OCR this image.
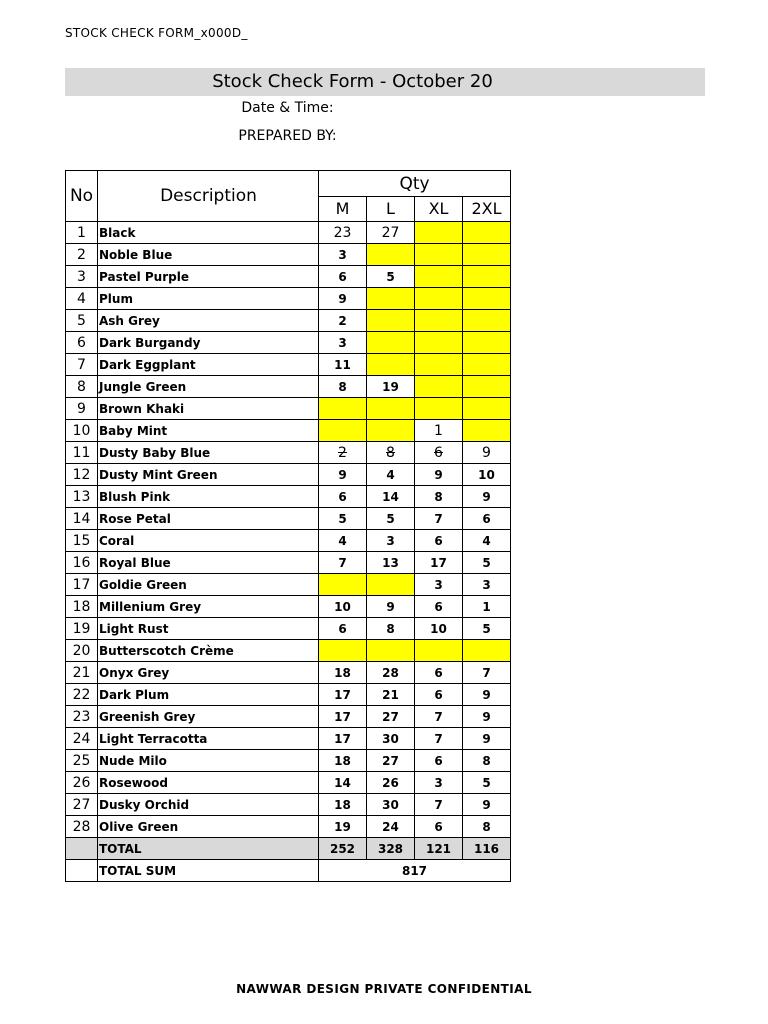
STOCK CHECK FORM_x000D_
Stock Check Form - October 20
Date & Time:
PREPARED BY:
No	Description	Qty			
		M	L	XL	2XL
1	Black	23	27		
2	Noble Blue	3			
3	Pastel Purple	6	5		
4	Plum	9			
5	Ash Grey	2			
6	Dark Burgandy	3			
7	Dark Eggplant	11			
8	Jungle Green	8	19		
9	Brown Khaki				
10	Baby Mint			1	
11	Dusty Baby Blue	2	8	6	9
12	Dusty Mint Green	9	4	9	10
13	Blush Pink	6	14	8	9
14	Rose Petal	5	5	7	6
15	Coral	4	3	6	4
16	Royal Blue	7	13	17	5
17	Goldie Green			3	3
18	Millenium Grey	10	9	6	1
19	Light Rust	6	8	10	5
20	Butterscotch Crème				
21	Onyx Grey	18	28	6	7
22	Dark Plum	17	21	6	9
23	Greenish Grey	17	27	7	9
24	Light Terracotta	17	30	7	9
25	Nude Milo	18	27	6	8
26	Rosewood	14	26	3	5
27	Dusky Orchid	18	30	7	9
28	Olive Green	19	24	6	8
	TOTAL	252	328	121	116
	TOTAL SUM	817			
NAWWAR DESIGN PRIVATE CONFIDENTIAL
